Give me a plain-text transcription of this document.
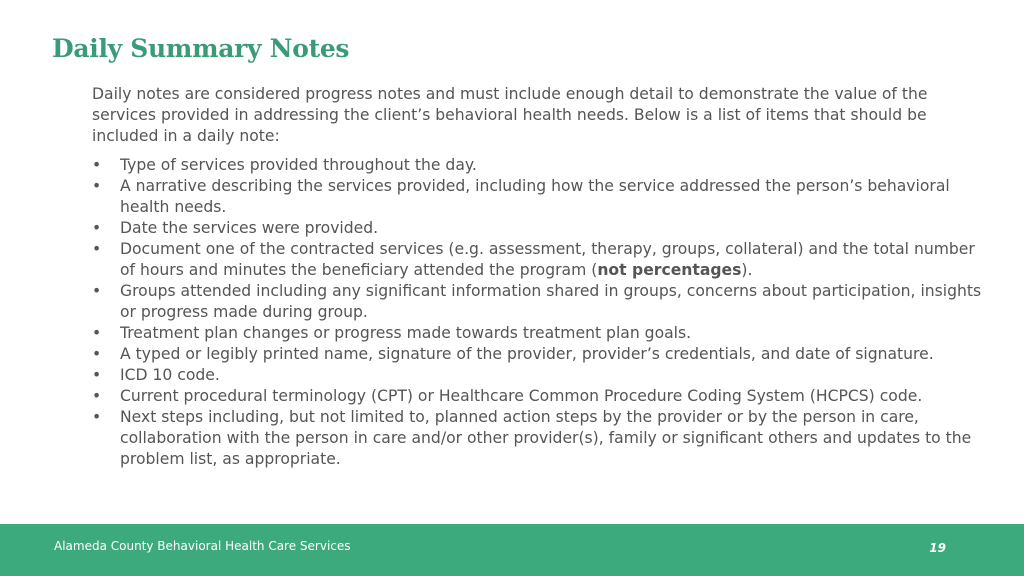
Daily Summary Notes

Daily notes are considered progress notes and must include enough detail to demonstrate the value of the services provided in addressing the client’s behavioral health needs. Below is a list of items that should be included in a daily note:

• Type of services provided throughout the day.
• A narrative describing the services provided, including how the service addressed the person’s behavioral health needs.
• Date the services were provided.
• Document one of the contracted services (e.g. assessment, therapy, groups, collateral) and the total number of hours and minutes the beneficiary attended the program (not percentages).
• Groups attended including any significant information shared in groups, concerns about participation, insights or progress made during group.
• Treatment plan changes or progress made towards treatment plan goals.
• A typed or legibly printed name, signature of the provider, provider’s credentials, and date of signature.
• ICD 10 code.
• Current procedural terminology (CPT) or Healthcare Common Procedure Coding System (HCPCS) code.
• Next steps including, but not limited to, planned action steps by the provider or by the person in care, collaboration with the person in care and/or other provider(s), family or significant others and updates to the problem list, as appropriate.
Alameda County Behavioral Health Care Services	19
